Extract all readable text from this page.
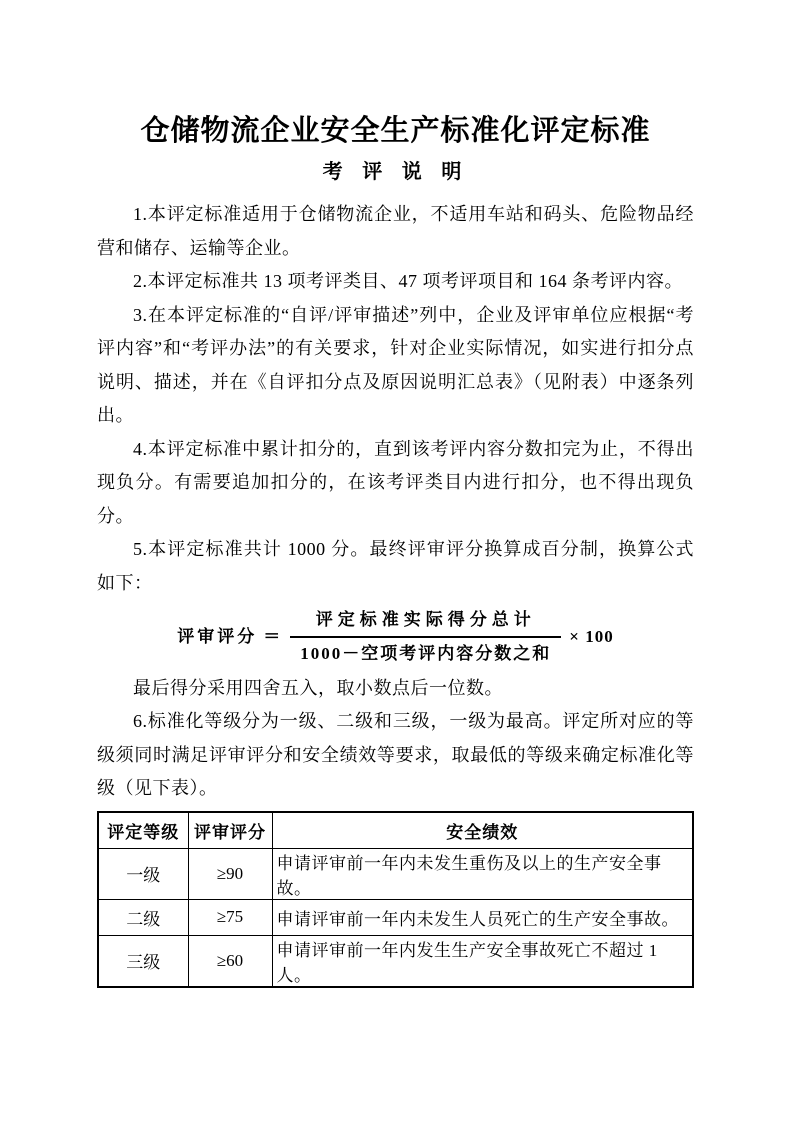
仓储物流企业安全生产标准化评定标准
考 评 说 明

1.本评定标准适用于仓储物流企业，不适用车站和码头、危险物品经营和储存、运输等企业。

2.本评定标准共 13 项考评类目、47 项考评项目和 164 条考评内容。

3.在本评定标准的“自评/评审描述”列中，企业及评审单位应根据“考评内容”和“考评办法”的有关要求，针对企业实际情况，如实进行扣分点说明、描述，并在《自评扣分点及原因说明汇总表》（见附表）中逐条列出。

4.本评定标准中累计扣分的，直到该考评内容分数扣完为止，不得出现负分。有需要追加扣分的，在该考评类目内进行扣分，也不得出现负分。

5.本评定标准共计 1000 分。最终评审评分换算成百分制，换算公式如下：

评审评分 ＝ $\frac{\text{评定标准实际得分总计}}{\text{1000－空项考评内容分数之和}} \times 100$

最后得分采用四舍五入，取小数点后一位数。

6.标准化等级分为一级、二级和三级，一级为最高。评定所对应的等级须同时满足评审评分和安全绩效等要求，取最低的等级来确定标准化等级（见下表）。

评定等级	评审评分	安全绩效
一级	≥90	申请评审前一年内未发生重伤及以上的生产安全事故。
二级	≥75	申请评审前一年内未发生人员死亡的生产安全事故。
三级	≥60	申请评审前一年内发生生产安全事故死亡不超过 1 人。
